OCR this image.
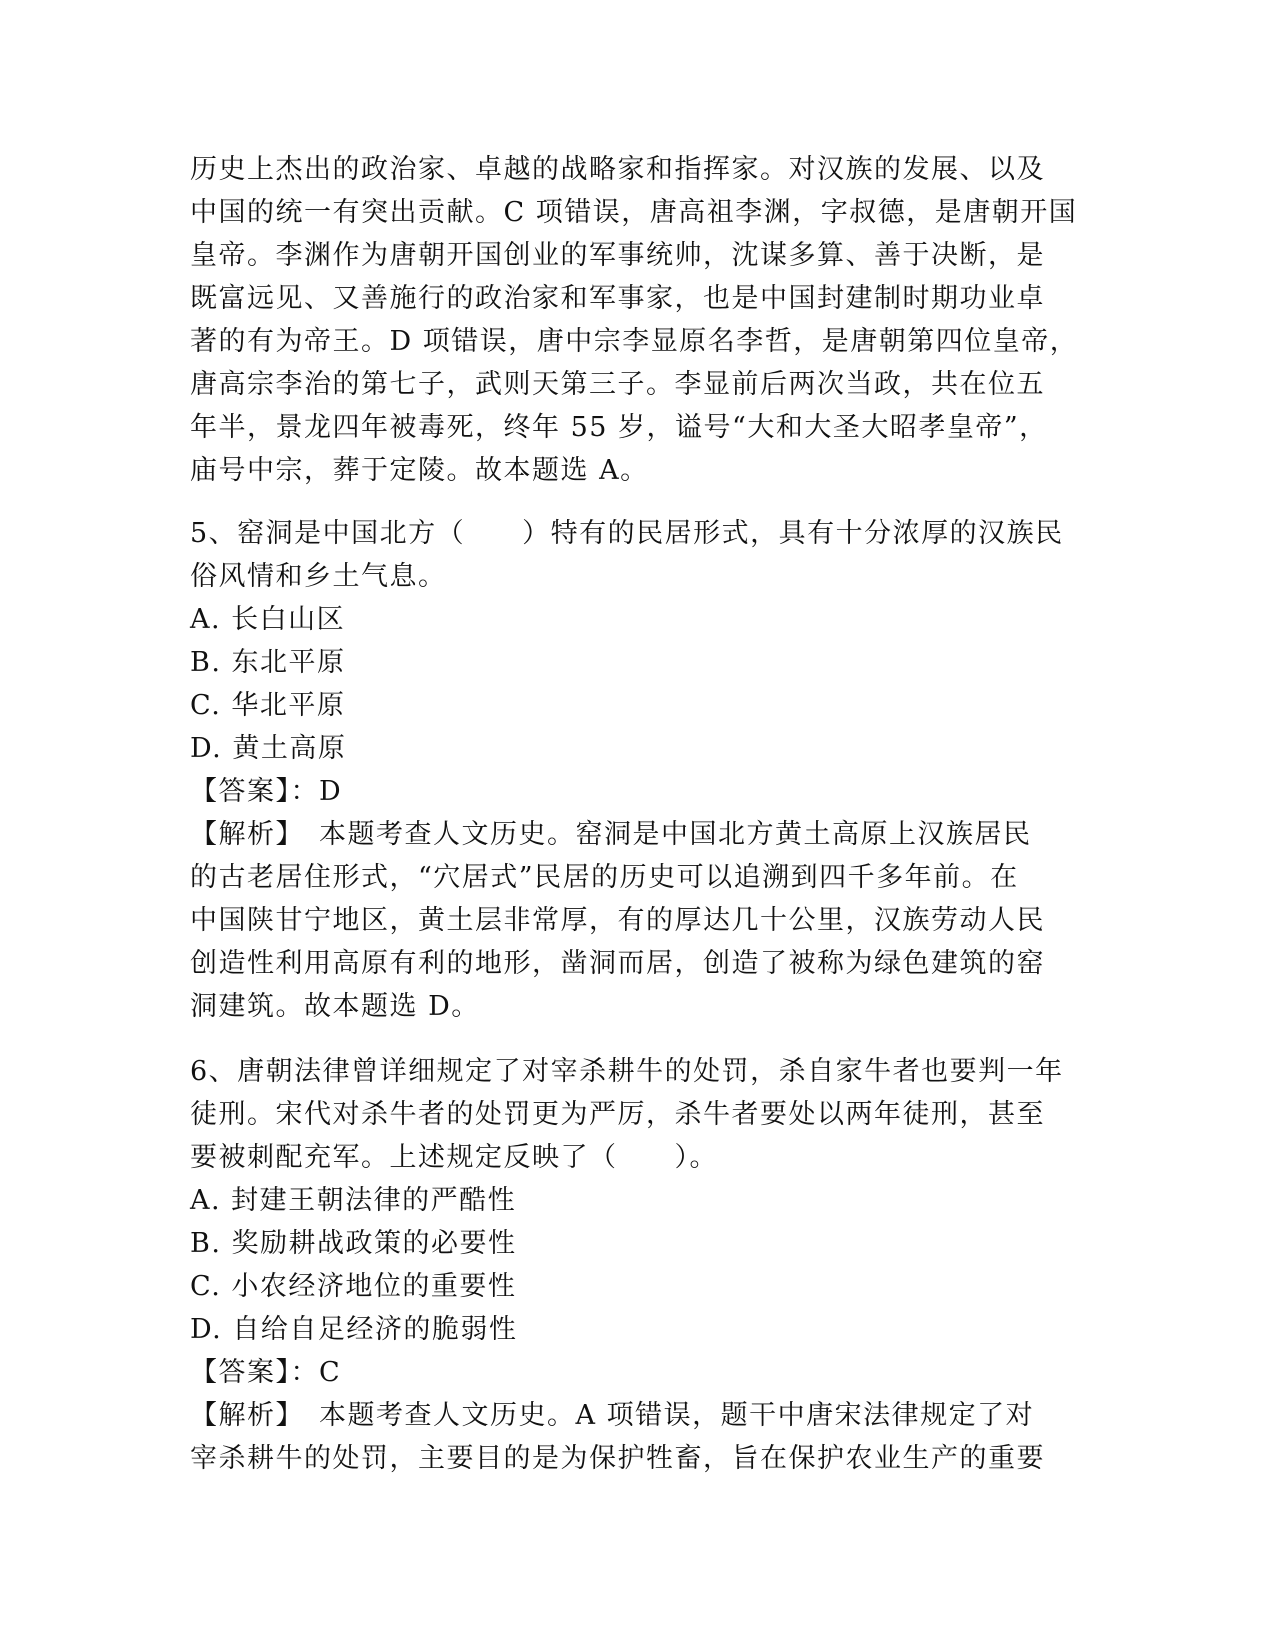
历史上杰出的政治家、卓越的战略家和指挥家。对汉族的发展、以及
中国的统一有突出贡献。C 项错误，唐高祖李渊，字叔德，是唐朝开国
皇帝。李渊作为唐朝开国创业的军事统帅，沈谋多算、善于决断，是
既富远见、又善施行的政治家和军事家，也是中国封建制时期功业卓
著的有为帝王。D 项错误，唐中宗李显原名李哲，是唐朝第四位皇帝，
唐高宗李治的第七子，武则天第三子。李显前后两次当政，共在位五
年半，景龙四年被毒死，终年 55 岁，谥号“大和大圣大昭孝皇帝”，
庙号中宗，葬于定陵。故本题选 A。
5、窑洞是中国北方（　　）特有的民居形式，具有十分浓厚的汉族民
俗风情和乡土气息。
A. 长白山区
B. 东北平原
C. 华北平原
D. 黄土高原
【答案】：D
【解析】　本题考查人文历史。窑洞是中国北方黄土高原上汉族居民
的古老居住形式，“穴居式”民居的历史可以追溯到四千多年前。在
中国陕甘宁地区，黄土层非常厚，有的厚达几十公里，汉族劳动人民
创造性利用高原有利的地形，凿洞而居，创造了被称为绿色建筑的窑
洞建筑。故本题选 D。
6、唐朝法律曾详细规定了对宰杀耕牛的处罚，杀自家牛者也要判一年
徒刑。宋代对杀牛者的处罚更为严厉，杀牛者要处以两年徒刑，甚至
要被刺配充军。上述规定反映了（　　）。
A. 封建王朝法律的严酷性
B. 奖励耕战政策的必要性
C. 小农经济地位的重要性
D. 自给自足经济的脆弱性
【答案】：C
【解析】　本题考查人文历史。A 项错误，题干中唐宋法律规定了对
宰杀耕牛的处罚，主要目的是为保护牲畜，旨在保护农业生产的重要
